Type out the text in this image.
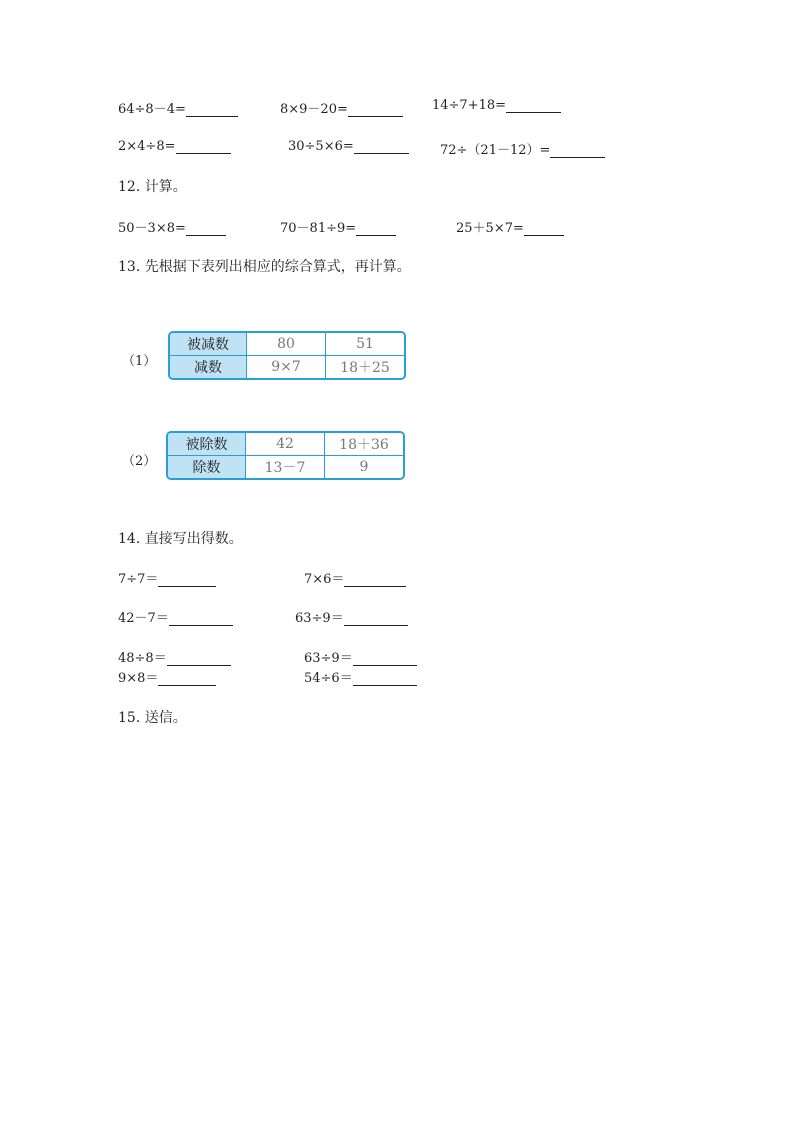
64÷8－4=	8×9－20=	14÷7+18=
2×4÷8=	30÷5×6=	72÷（21－12）=
12. 计算。
50－3×8=	70－81÷9=	25＋5×7=
13. 先根据下表列出相应的综合算式，再计算。
（1）
被减数	80	51
减数	9×7	18＋25
（2）
被除数	42	18＋36
除数	13－7	9
14. 直接写出得数。
7÷7＝	7×6＝
42－7＝	63÷9＝
48÷8＝	63÷9＝
9×8＝	54÷6＝
15. 送信。
